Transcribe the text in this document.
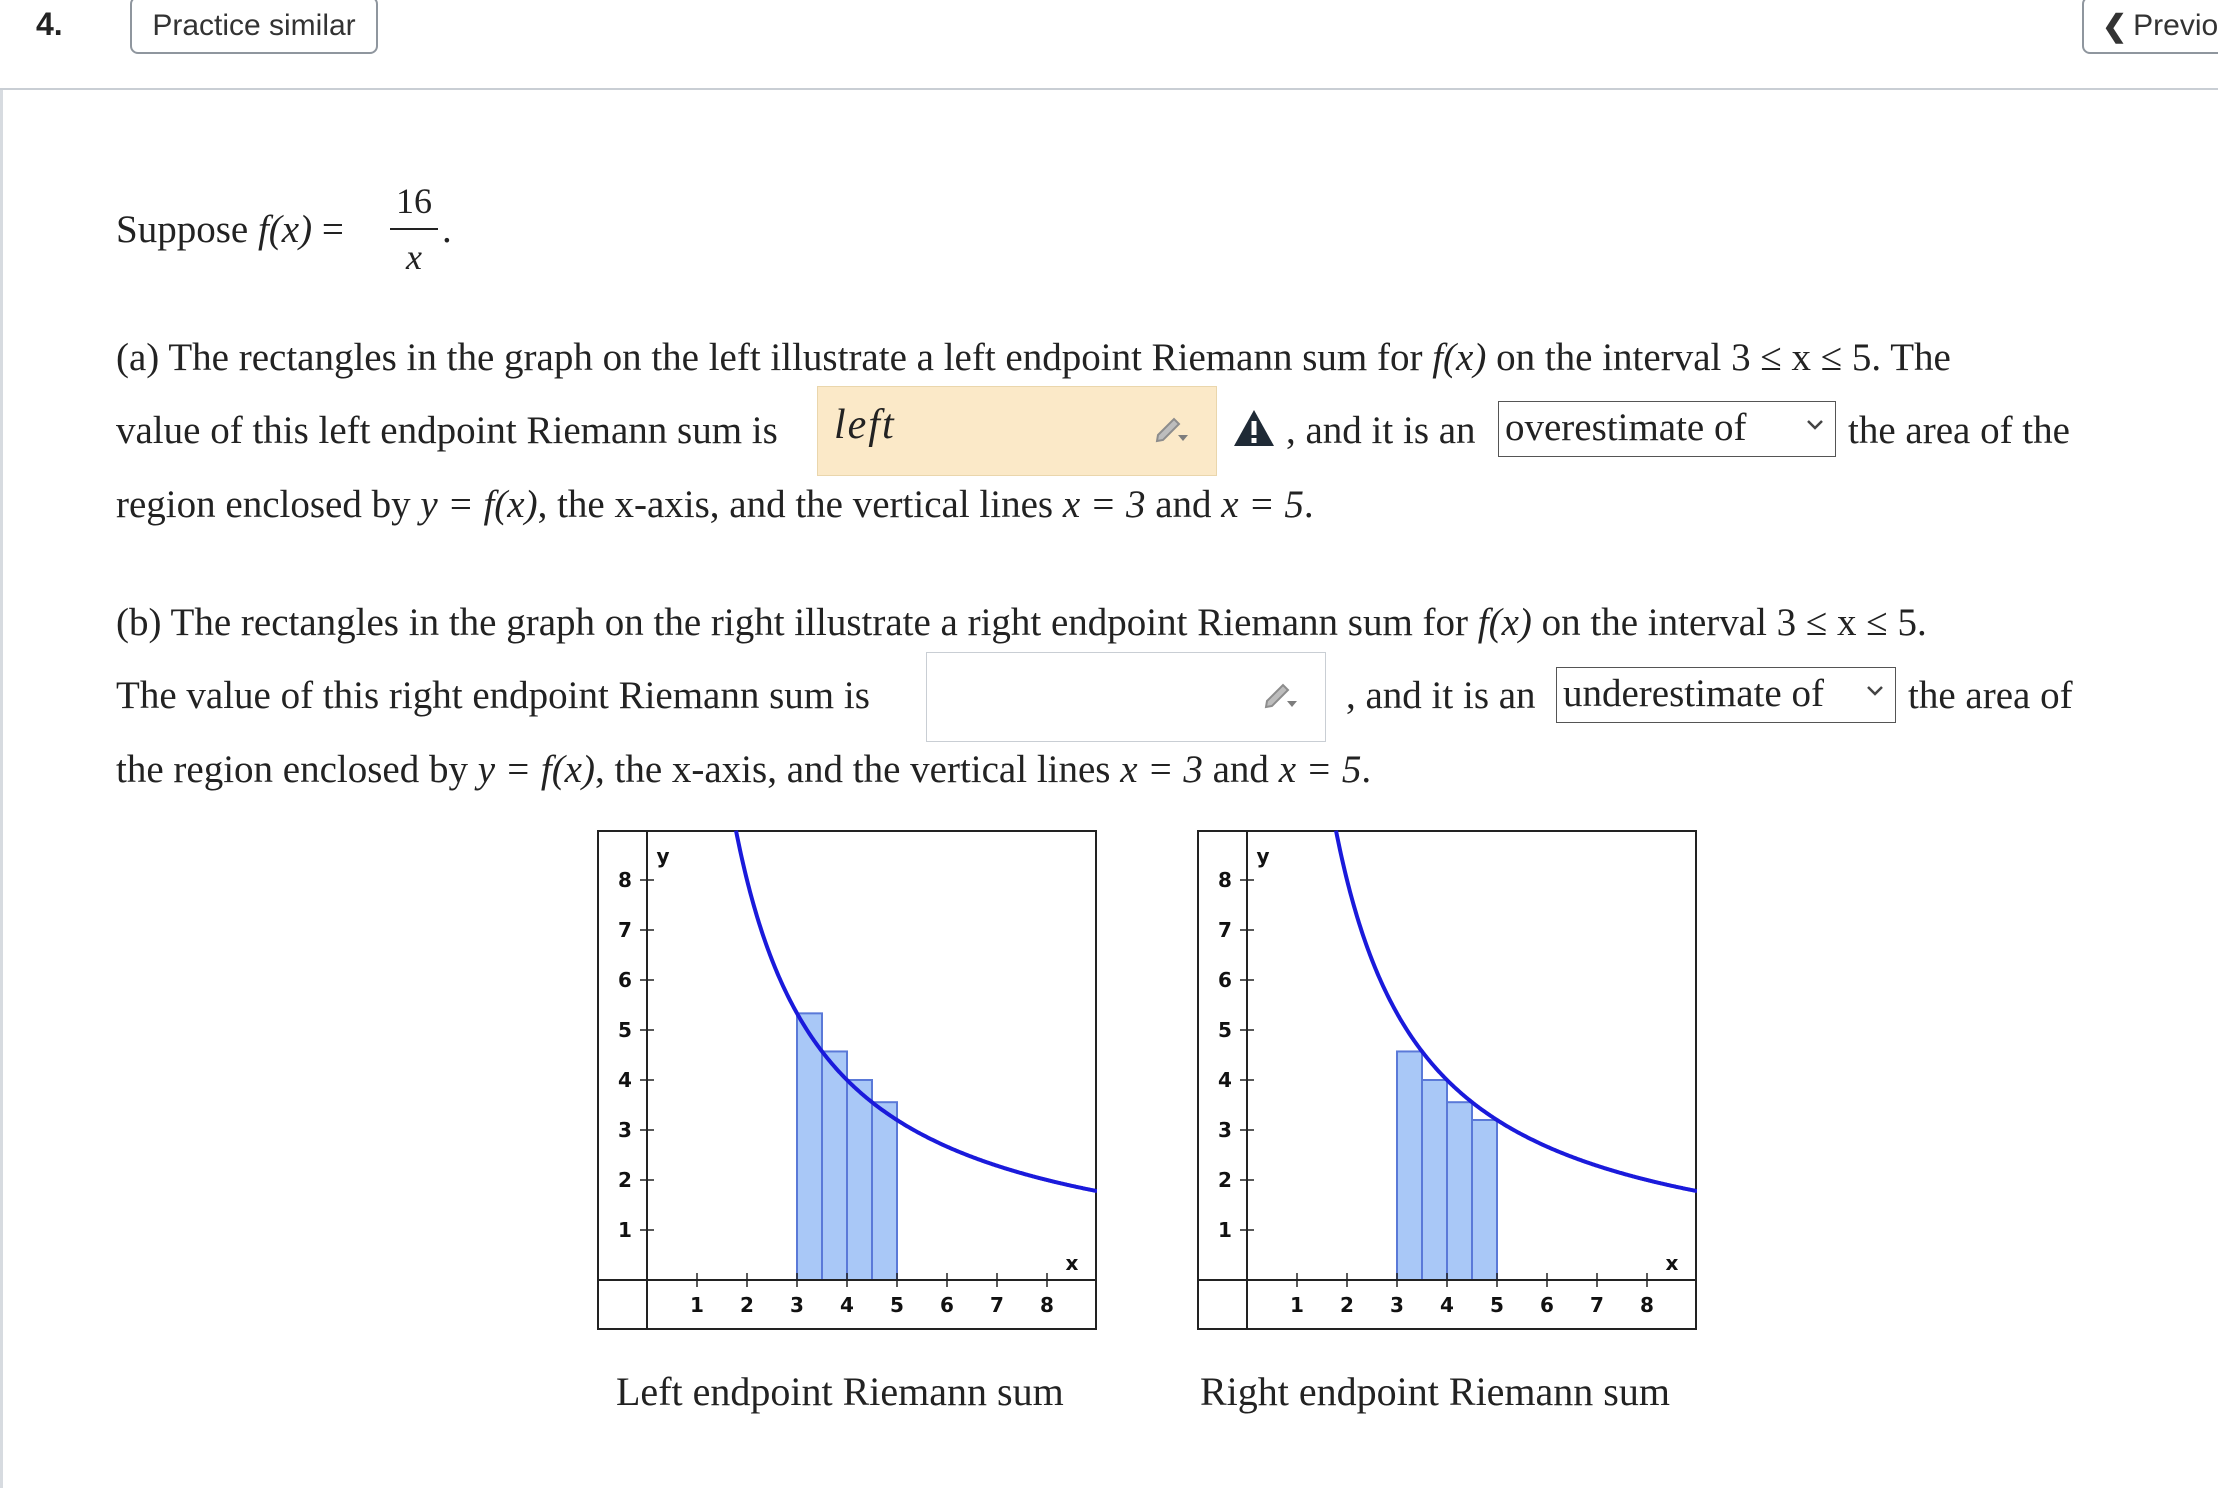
4.	Practice similar	❮ Previo
Suppose f(x) =
16
x
.
(a) The rectangles in the graph on the left illustrate a left endpoint Riemann sum for f(x) on the interval 3 ≤ x ≤ 5. The
value of this left endpoint Riemann sum is left	, and it is an overestimate of	the area of the
region enclosed by y = f(x), the x-axis, and the vertical lines x = 3 and x = 5.
(b) The rectangles in the graph on the right illustrate a right endpoint Riemann sum for f(x) on the interval 3 ≤ x ≤ 5.
The value of this right endpoint Riemann sum is	, and it is an underestimate of	the area of
the region enclosed by y = f(x), the x-axis, and the vertical lines x = 3 and x = 5.
1 2 3 4 5 6 7 8
1
2
3
4
5
6
7
8
x
y
1 2 3 4 5 6 7 8
1
2
3
4
5
6
7
8
x
y
Left endpoint Riemann sum	Right endpoint Riemann sum
